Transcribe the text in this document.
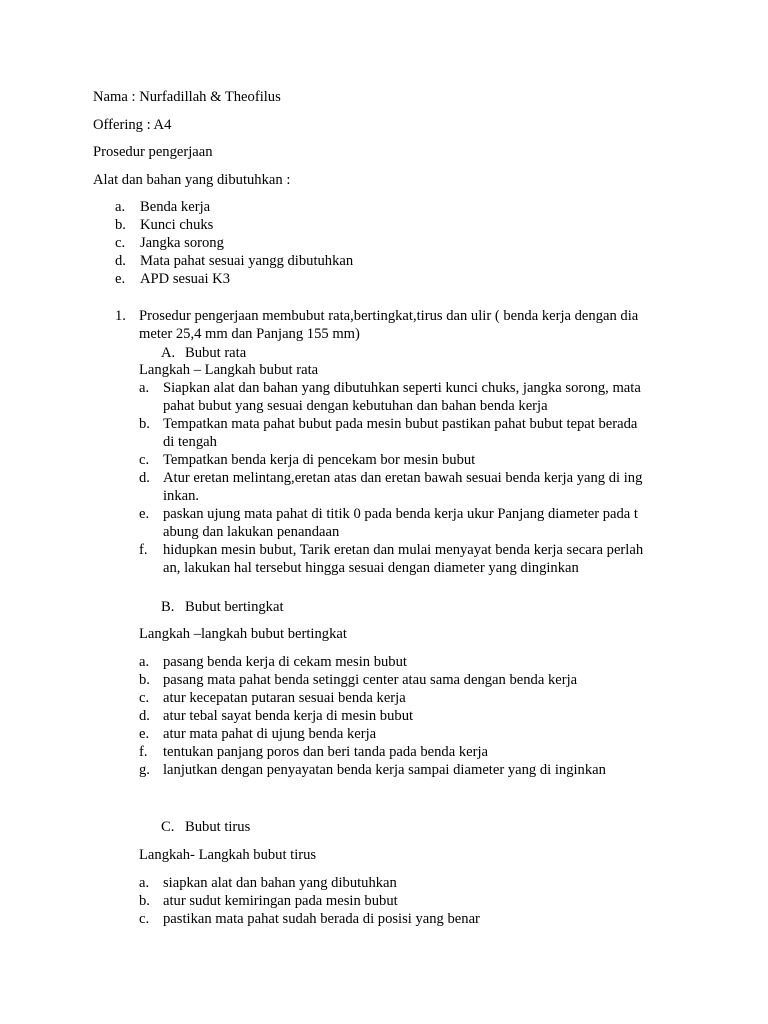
Nama : Nurfadillah & Theofilus
Offering : A4
Prosedur pengerjaan
Alat dan bahan yang dibutuhkan :
a. Benda kerja
b. Kunci chuks
c. Jangka sorong
d. Mata pahat sesuai yangg dibutuhkan
e. APD sesuai K3
1. Prosedur pengerjaan membubut rata,bertingkat,tirus dan ulir ( benda kerja dengan dia
meter 25,4 mm dan Panjang 155 mm)
A. Bubut rata
Langkah – Langkah bubut rata
a. Siapkan alat dan bahan yang dibutuhkan seperti kunci chuks, jangka sorong, mata
pahat bubut yang sesuai dengan kebutuhan dan bahan benda kerja
b. Tempatkan mata pahat bubut pada mesin bubut pastikan pahat bubut tepat berada
di tengah
c. Tempatkan benda kerja di pencekam bor mesin bubut
d. Atur eretan melintang,eretan atas dan eretan bawah sesuai benda kerja yang di ing
inkan.
e. paskan ujung mata pahat di titik 0 pada benda kerja ukur Panjang diameter pada t
abung dan lakukan penandaan
f. hidupkan mesin bubut, Tarik eretan dan mulai menyayat benda kerja secara perlah
an, lakukan hal tersebut hingga sesuai dengan diameter yang dinginkan
B. Bubut bertingkat
Langkah –langkah bubut bertingkat
a. pasang benda kerja di cekam mesin bubut
b. pasang mata pahat benda setinggi center atau sama dengan benda kerja
c. atur kecepatan putaran sesuai benda kerja
d. atur tebal sayat benda kerja di mesin bubut
e. atur mata pahat di ujung benda kerja
f. tentukan panjang poros dan beri tanda pada benda kerja
g. lanjutkan dengan penyayatan benda kerja sampai diameter yang di inginkan
C. Bubut tirus
Langkah- Langkah bubut tirus
a. siapkan alat dan bahan yang dibutuhkan
b. atur sudut kemiringan pada mesin bubut
c. pastikan mata pahat sudah berada di posisi yang benar
